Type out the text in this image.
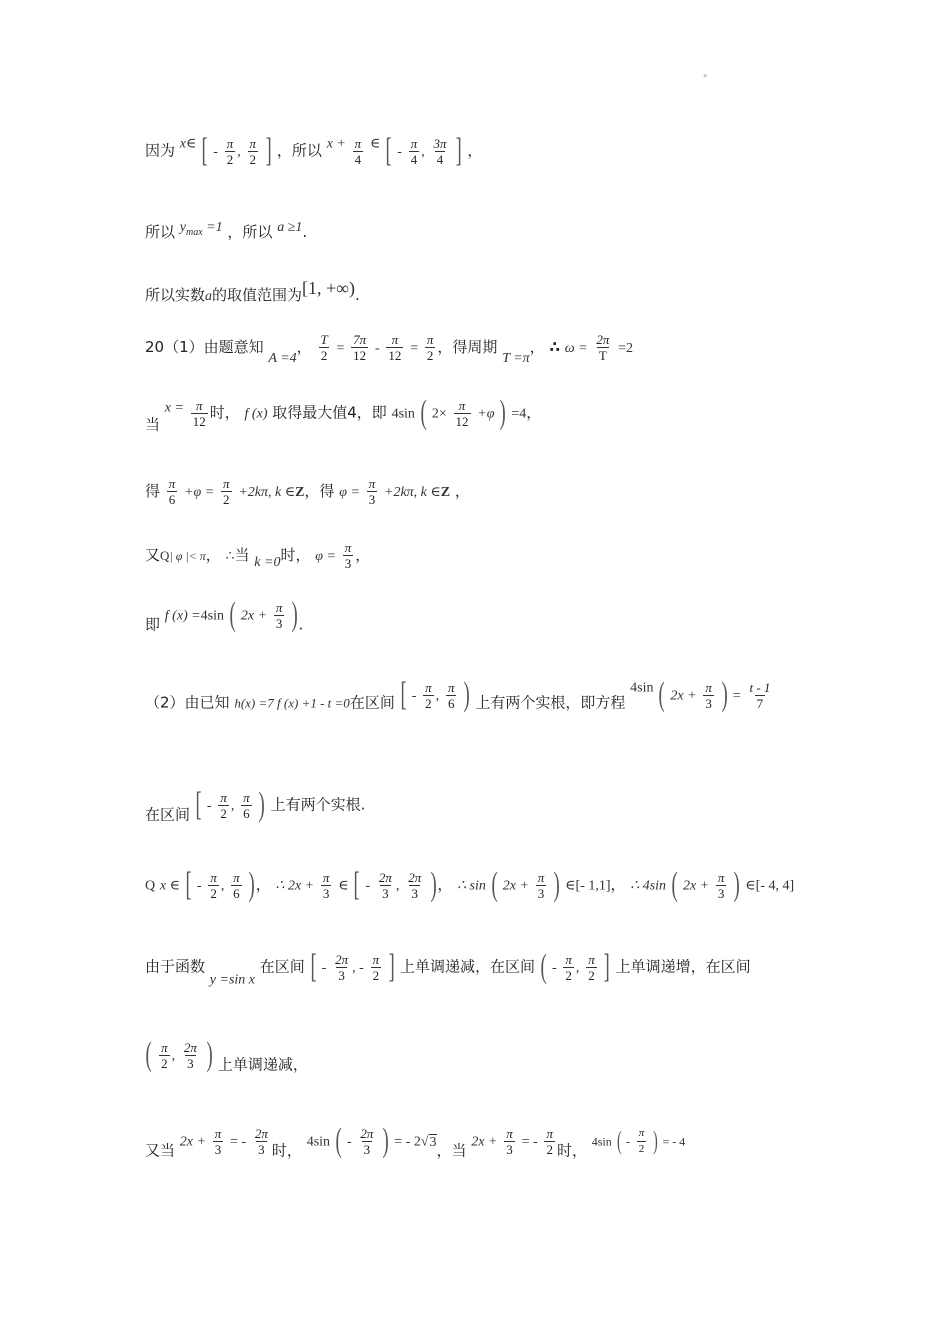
"
因为 x∈ [ - $\frac{\pi}{2}$ , $\frac{\pi}{2}$ ] ，所以 $x + \frac{\pi}{4}$ ∈ [ - $\frac{\pi}{4}$ , $\frac{3\pi}{4}$ ] ，
所以 $y_{max} =1$ ，所以 a ≥1.
所以实数a的取值范围为[1, +∞).
20（1）由题意知 A =4， $\frac{T}{2} = \frac{7\pi}{12} - \frac{\pi}{12} = \frac{\pi}{2}$ ，得周期 T =π， ∴ $\omega = \frac{2\pi}{T} =2$
当 $x = \frac{\pi}{12}$ 时， f (x) 取得最大值4，即 4sin ( $2\times \frac{\pi}{12} +\varphi$ ) =4，
得 $\frac{\pi}{6} +\varphi = \frac{\pi}{2} +2k\pi$, k ∈Z，得 $\varphi = \frac{\pi}{3} +2k\pi$, k ∈Z ，
又Q| φ |< π， ∴当 k =0时， $\varphi = \frac{\pi}{3}$ ，
即 f (x) =4sin ( $2x + \frac{\pi}{3}$ ).
（2）由已知 h(x) =7 f (x) +1 - t =0在区间 [ - $\frac{\pi}{2}$ , $\frac{\pi}{6}$ ) 上有两个实根，即方程 4sin ( $2x + \frac{\pi}{3}$ ) = $\frac{t - 1}{7}$
在区间 [ - $\frac{\pi}{2}$ , $\frac{\pi}{6}$ ) 上有两个实根.
Q x ∈ [ - $\frac{\pi}{2}$ , $\frac{\pi}{6}$ )， ∴ $2x + \frac{\pi}{3}$ ∈ [ - $\frac{2\pi}{3}$ , $\frac{2\pi}{3}$ )， ∴ sin ( $2x + \frac{\pi}{3}$ ) ∈[- 1,1]， ∴ 4sin ( $2x + \frac{\pi}{3}$ ) ∈[- 4, 4]
由于函数 y =sin x 在区间 [ - $\frac{2\pi}{3}$ , - $\frac{\pi}{2}$ ] 上单调递减，在区间 ( - $\frac{\pi}{2}$ , $\frac{\pi}{2}$ ] 上单调递增，在区间
( $\frac{\pi}{2}$ , $\frac{2\pi}{3}$ ) 上单调递减，
又当 $2x + \frac{\pi}{3}$ = - $\frac{2\pi}{3}$ 时， 4sin ( - $\frac{2\pi}{3}$ ) = - 2√3，当 $2x + \frac{\pi}{3}$ = - $\frac{\pi}{2}$ 时， 4sin ( - $\frac{\pi}{2}$ ) = - 4
